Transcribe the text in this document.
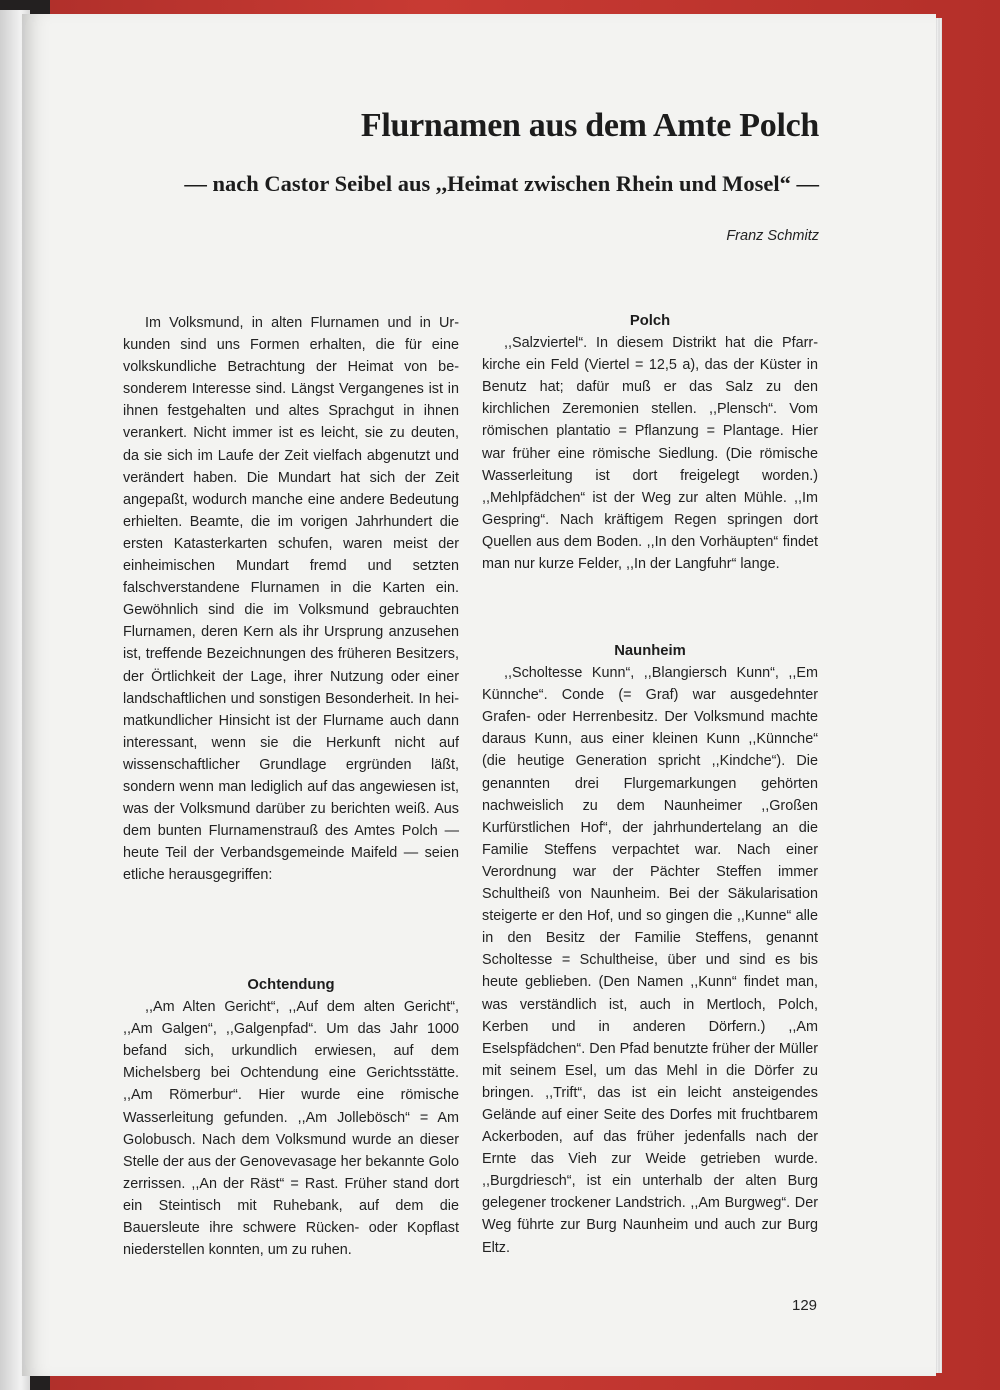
Flurnamen aus dem Amte Polch
— nach Castor Seibel aus ,,Heimat zwischen Rhein und Mosel“ —
Franz Schmitz

Im Volksmund, in alten Flurnamen und in Urkunden sind uns Formen erhalten, die für eine volkskundliche Betrachtung der Heimat von besonderem Interesse sind. Längst Vergangenes ist in ihnen festgehalten und altes Sprachgut in ihnen verankert. Nicht immer ist es leicht, sie zu deuten, da sie sich im Laufe der Zeit vielfach abgenutzt und verändert haben. Die Mundart hat sich der Zeit angepaßt, wodurch manche eine andere Bedeutung erhielten. Beamte, die im vorigen Jahrhundert die ersten Katasterkarten schufen, waren meist der einheimischen Mundart fremd und setzten falschverstandene Flurnamen in die Karten ein. Gewöhnlich sind die im Volksmund gebrauchten Flurnamen, deren Kern als ihr Ursprung anzusehen ist, treffende Bezeichnungen des früheren Besitzers, der Örtlichkeit der Lage, ihrer Nutzung oder einer landschaftlichen und sonstigen Besonderheit. In heimatkundlicher Hinsicht ist der Flurname auch dann interessant, wenn sie die Herkunft nicht auf wissenschaftlicher Grundlage ergründen läßt, sondern wenn man lediglich auf das angewiesen ist, was der Volksmund darüber zu berichten weiß. Aus dem bunten Flurnamenstrauß des Amtes Polch — heute Teil der Verbandsgemeinde Maifeld — seien etliche herausgegriffen:

Ochtendung

,,Am Alten Gericht“, ,,Auf dem alten Gericht“, ,,Am Galgen“, ,,Galgenpfad“. Um das Jahr 1000 befand sich, urkundlich erwiesen, auf dem Michelsberg bei Ochtendung eine Gerichtsstätte. ,,Am Römerbur“. Hier wurde eine römische Wasserleitung gefunden. ,,Am Jollebösch“ = Am Golobusch. Nach dem Volksmund wurde an dieser Stelle der aus der Genovevasage her bekannte Golo zerrissen. ,,An der Räst“ = Rast. Früher stand dort ein Steintisch mit Ruhebank, auf dem die Bauersleute ihre schwere Rücken- oder Kopflast niederstellen konnten, um zu ruhen.

Polch

,,Salzviertel“. In diesem Distrikt hat die Pfarrkirche ein Feld (Viertel = 12,5 a), das der Küster in Benutz hat; dafür muß er das Salz zu den kirchlichen Zeremonien stellen. ,,Plensch“. Vom römischen plantatio = Pflanzung = Plantage. Hier war früher eine römische Siedlung. (Die römische Wasserleitung ist dort freigelegt worden.) ,,Mehlpfädchen“ ist der Weg zur alten Mühle. ,,Im Gespring“. Nach kräftigem Regen springen dort Quellen aus dem Boden. ,,In den Vorhäupten“ findet man nur kurze Felder, ,,In der Langfuhr“ lange.

Naunheim

,,Scholtesse Kunn“, ,,Blangiersch Kunn“, ,,Em Künnche“. Conde (= Graf) war ausgedehnter Grafen- oder Herrenbesitz. Der Volksmund machte daraus Kunn, aus einer kleinen Kunn ,,Künnche“ (die heutige Generation spricht ,,Kindche“). Die genannten drei Flurgemarkungen gehörten nachweislich zu dem Naunheimer ,,Großen Kurfürstlichen Hof“, der jahrhundertelang an die Familie Steffens verpachtet war. Nach einer Verordnung war der Pächter Steffen immer Schultheiß von Naunheim. Bei der Säkularisation steigerte er den Hof, und so gingen die ,,Kunne“ alle in den Besitz der Familie Steffens, genannt Scholtesse = Schultheise, über und sind es bis heute geblieben. (Den Namen ,,Kunn“ findet man, was verständlich ist, auch in Mertloch, Polch, Kerben und in anderen Dörfern.) ,,Am Eselspfädchen“. Den Pfad benutzte früher der Müller mit seinem Esel, um das Mehl in die Dörfer zu bringen. ,,Trift“, das ist ein leicht ansteigendes Gelände auf einer Seite des Dorfes mit fruchtbarem Ackerboden, auf das früher jedenfalls nach der Ernte das Vieh zur Weide getrieben wurde. ,,Burgdriesch“, ist ein unterhalb der alten Burg gelegener trockener Landstrich. ,,Am Burgweg“. Der Weg führte zur Burg Naunheim und auch zur Burg Eltz.

129
